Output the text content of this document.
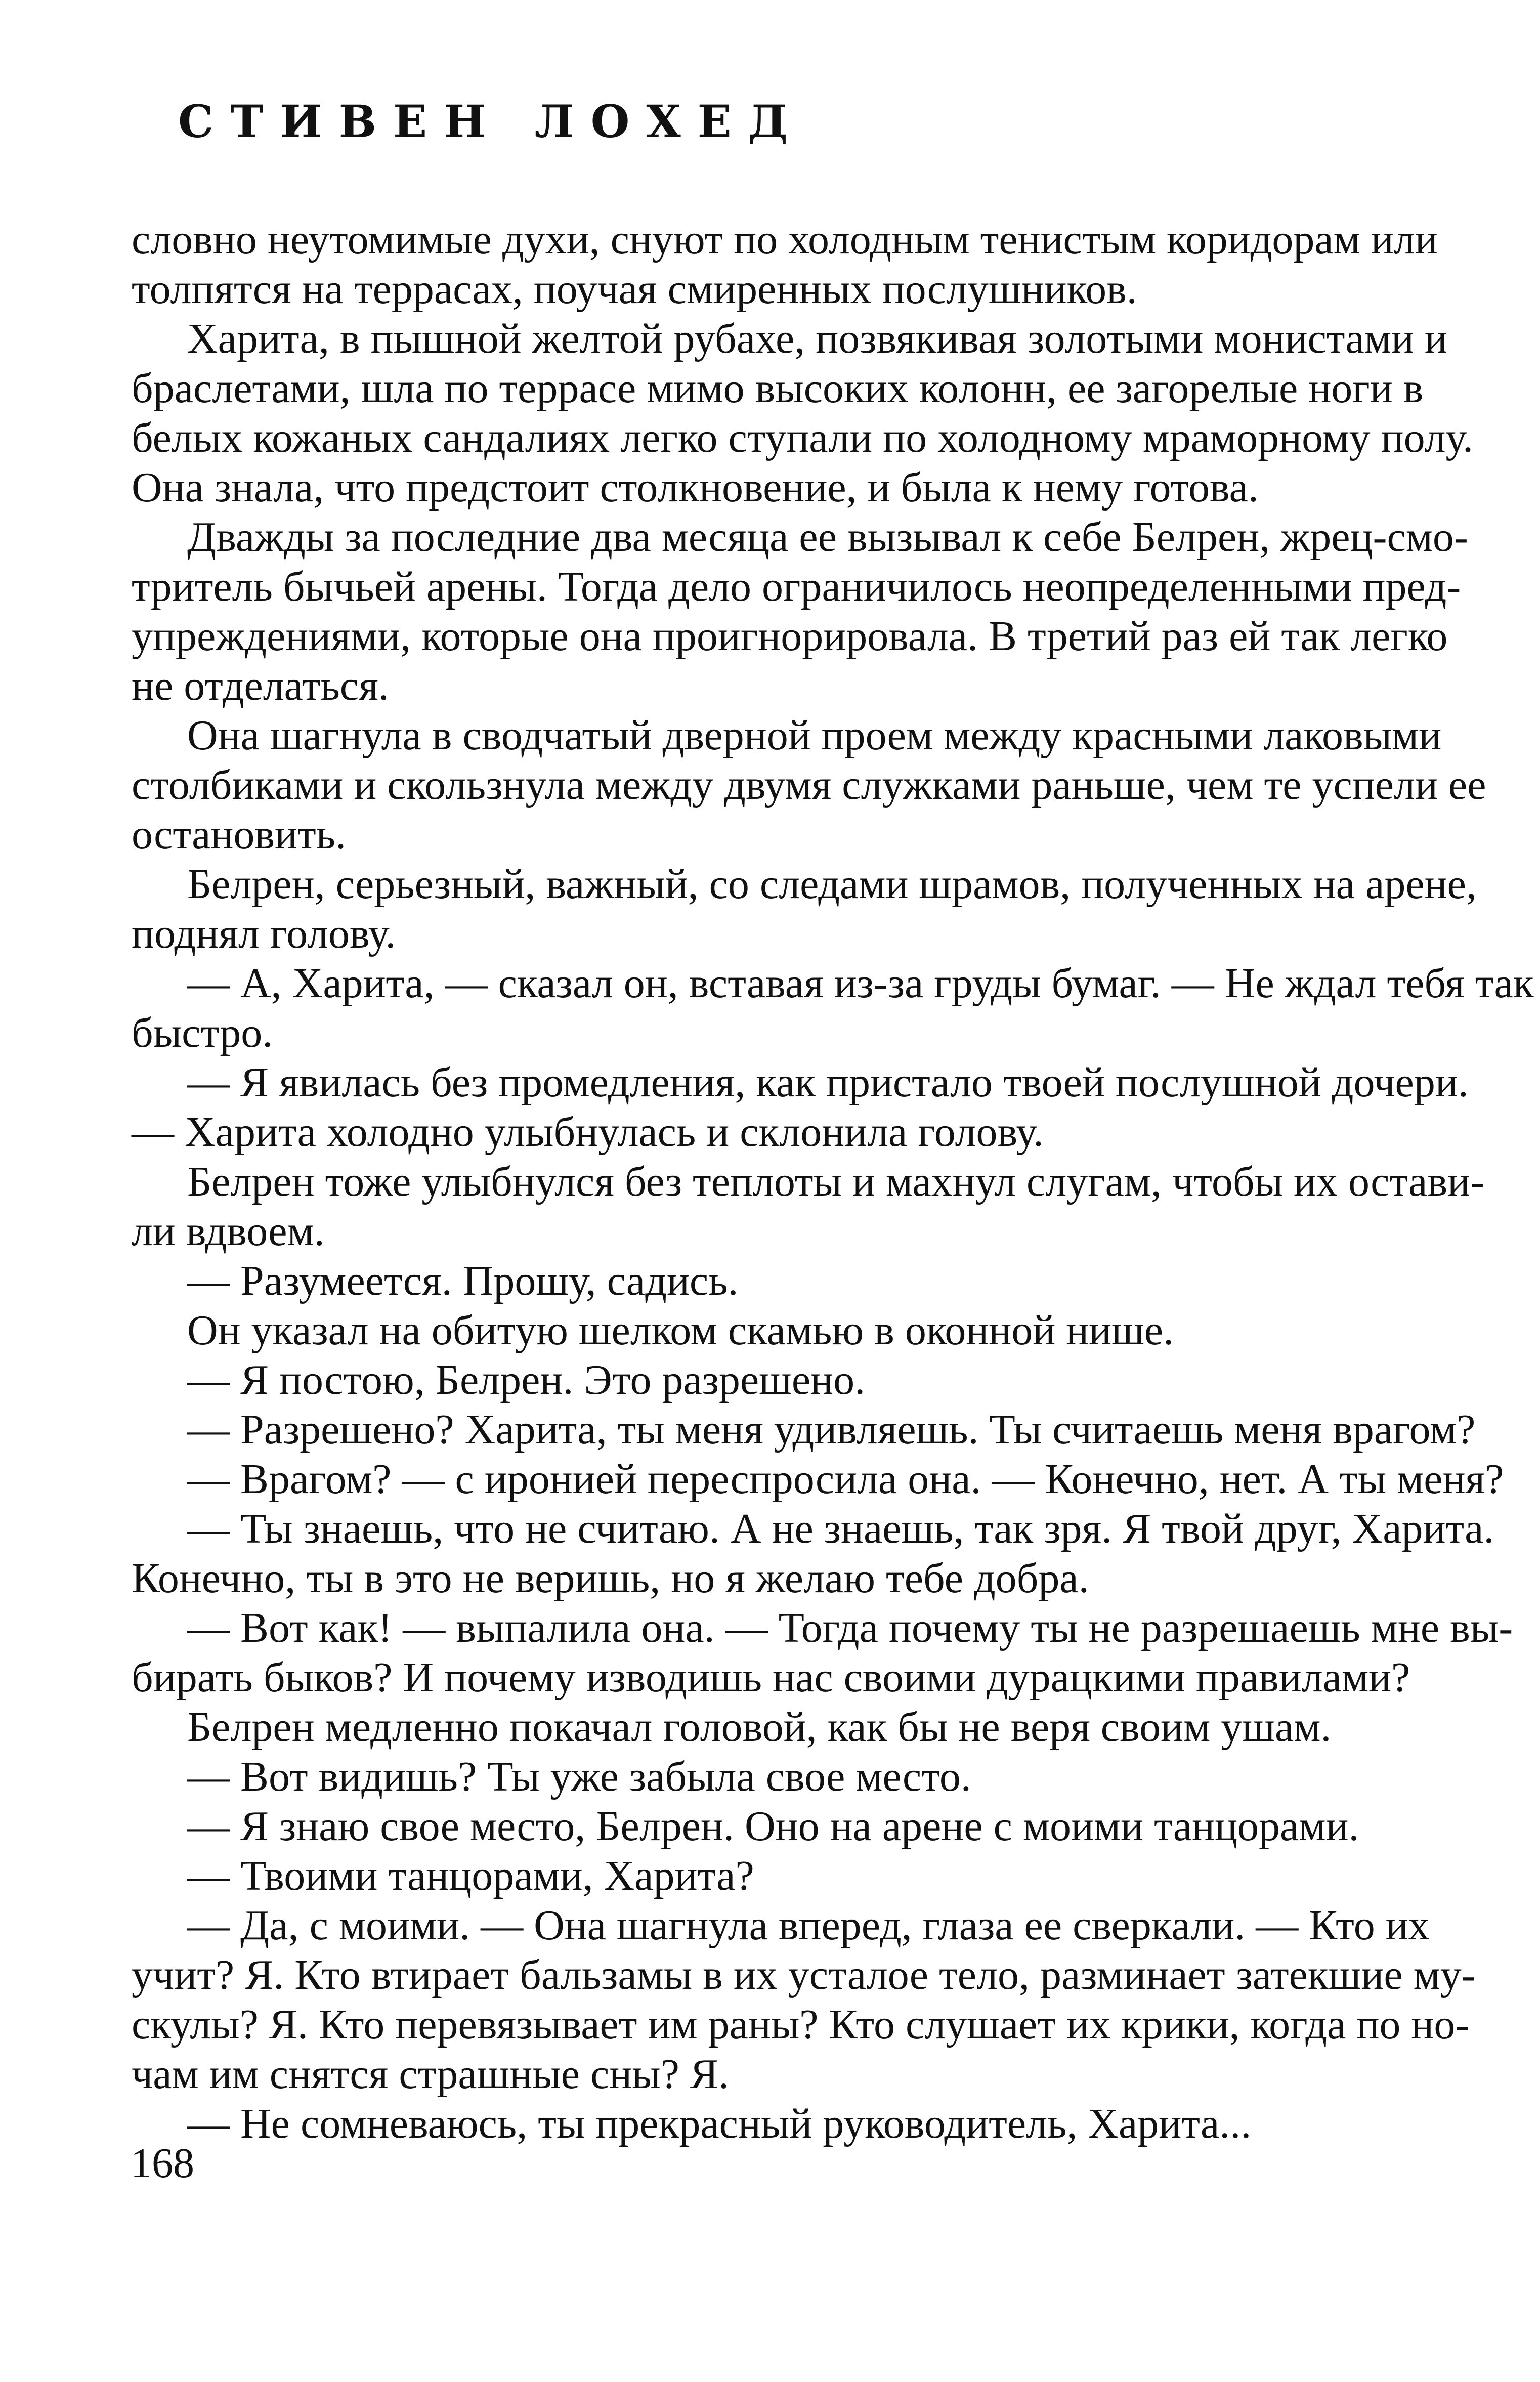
СТИВЕН ЛОХЕД
словно неутомимые духи, снуют по холодным тенистым коридорам или
толпятся на террасах, поучая смиренных послушников.
Харита, в пышной желтой рубахе, позвякивая золотыми монистами и
браслетами, шла по террасе мимо высоких колонн, ее загорелые ноги в
белых кожаных сандалиях легко ступали по холодному мраморному полу.
Она знала, что предстоит столкновение, и была к нему готова.
Дважды за последние два месяца ее вызывал к себе Белрен, жрец-смо-
тритель бычьей арены. Тогда дело ограничилось неопределенными пред-
упреждениями, которые она проигнорировала. В третий раз ей так легко
не отделаться.
Она шагнула в сводчатый дверной проем между красными лаковыми
столбиками и скользнула между двумя служками раньше, чем те успели ее
остановить.
Белрен, серьезный, важный, со следами шрамов, полученных на арене,
поднял голову.
— А, Харита, — сказал он, вставая из-за груды бумаг. — Не ждал тебя так
быстро.
— Я явилась без промедления, как пристало твоей послушной дочери.
— Харита холодно улыбнулась и склонила голову.
Белрен тоже улыбнулся без теплоты и махнул слугам, чтобы их остави-
ли вдвоем.
— Разумеется. Прошу, садись.
Он указал на обитую шелком скамью в оконной нише.
— Я постою, Белрен. Это разрешено.
— Разрешено? Харита, ты меня удивляешь. Ты считаешь меня врагом?
— Врагом? — с иронией переспросила она. — Конечно, нет. А ты меня?
— Ты знаешь, что не считаю. А не знаешь, так зря. Я твой друг, Харита.
Конечно, ты в это не веришь, но я желаю тебе добра.
— Вот как! — выпалила она. — Тогда почему ты не разрешаешь мне вы-
бирать быков? И почему изводишь нас своими дурацкими правилами?
Белрен медленно покачал головой, как бы не веря своим ушам.
— Вот видишь? Ты уже забыла свое место.
— Я знаю свое место, Белрен. Оно на арене с моими танцорами.
— Твоими танцорами, Харита?
— Да, с моими. — Она шагнула вперед, глаза ее сверкали. — Кто их
учит? Я. Кто втирает бальзамы в их усталое тело, разминает затекшие му-
скулы? Я. Кто перевязывает им раны? Кто слушает их крики, когда по но-
чам им снятся страшные сны? Я.
— Не сомневаюсь, ты прекрасный руководитель, Харита...
168
